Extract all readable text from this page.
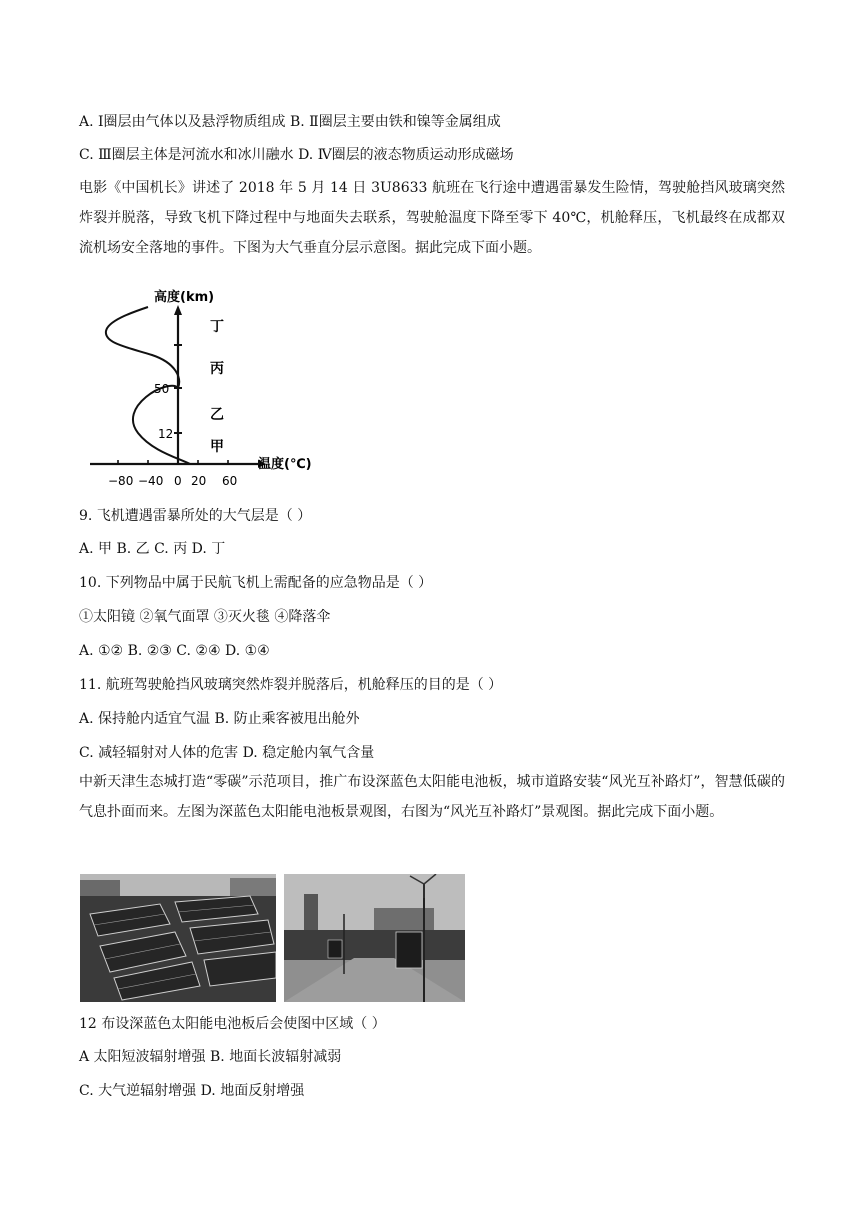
A. Ⅰ圈层由气体以及悬浮物质组成 B. Ⅱ圈层主要由铁和镍等金属组成
C. Ⅲ圈层主体是河流水和冰川融水 D. Ⅳ圈层的液态物质运动形成磁场
电影《中国机长》讲述了 2018 年 5 月 14 日 3U8633 航班在飞行途中遭遇雷暴发生险情，驾驶舱挡风玻璃突然炸裂并脱落，导致飞机下降过程中与地面失去联系，驾驶舱温度下降至零下 40℃，机舱释压，飞机最终在成都双流机场安全落地的事件。下图为大气垂直分层示意图。据此完成下面小题。
高度(km)
温度(℃)
50
12
−80 −40 0 20 60
丁
丙
乙
甲
9. 飞机遭遇雷暴所处的大气层是（ ）
A. 甲 B. 乙 C. 丙 D. 丁
10. 下列物品中属于民航飞机上需配备的应急物品是（ ）
①太阳镜 ②氧气面罩 ③灭火毯 ④降落伞
A. ①② B. ②③ C. ②④ D. ①④
11. 航班驾驶舱挡风玻璃突然炸裂并脱落后，机舱释压的目的是（ ）
A. 保持舱内适宜气温 B. 防止乘客被甩出舱外
C. 减轻辐射对人体的危害 D. 稳定舱内氧气含量
中新天津生态城打造“零碳”示范项目，推广布设深蓝色太阳能电池板，城市道路安装“风光互补路灯”，智慧低碳的气息扑面而来。左图为深蓝色太阳能电池板景观图，右图为“风光互补路灯”景观图。据此完成下面小题。
12 布设深蓝色太阳能电池板后会使图中区域（ ）
A 太阳短波辐射增强 B. 地面长波辐射减弱
C. 大气逆辐射增强 D. 地面反射增强
